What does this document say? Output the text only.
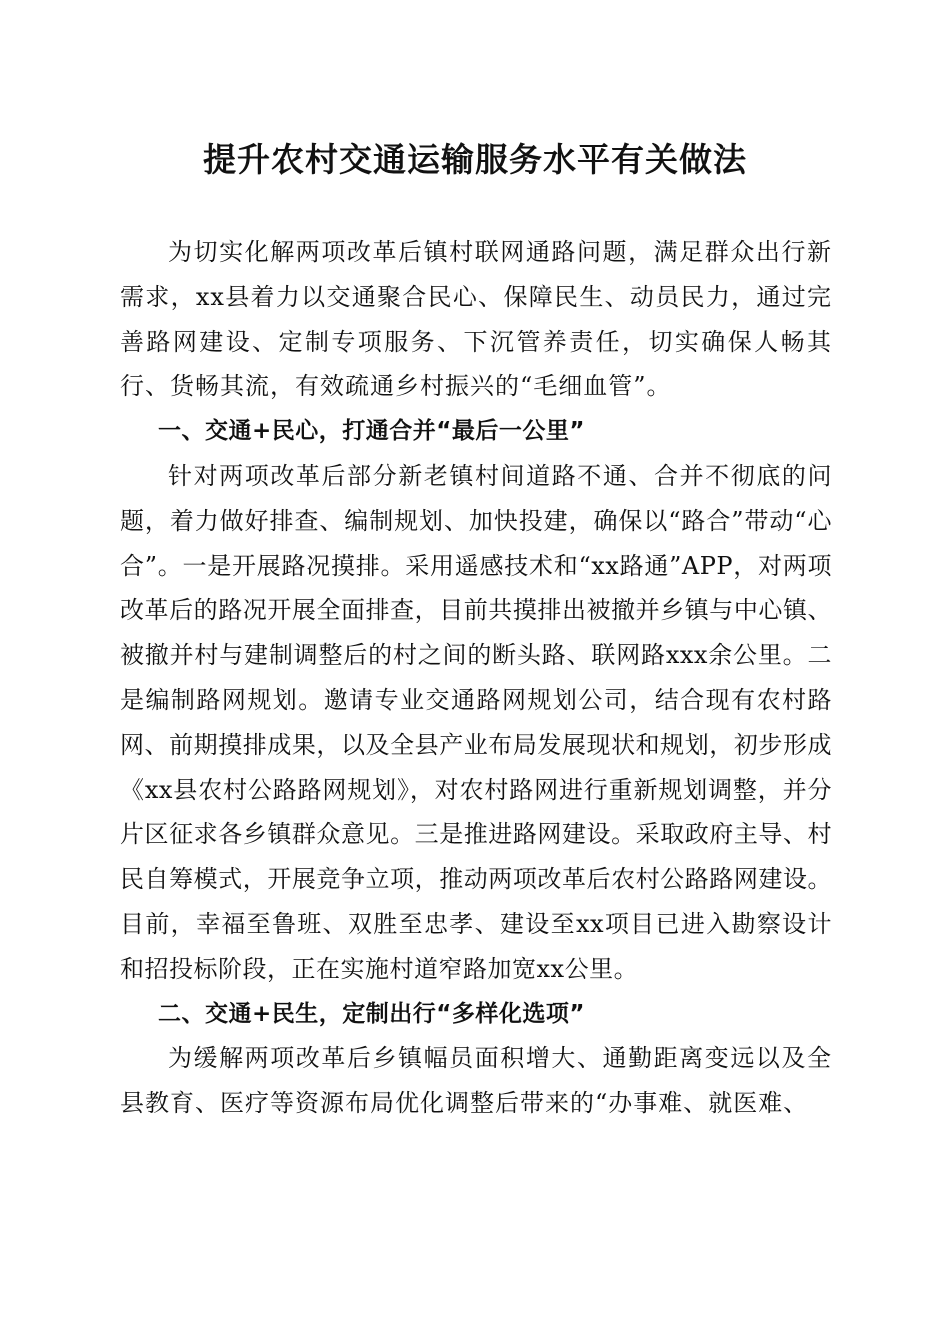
提升农村交通运输服务水平有关做法

为切实化解两项改革后镇村联网通路问题，满足群众出行新需求，xx县着力以交通聚合民心、保障民生、动员民力，通过完善路网建设、定制专项服务、下沉管养责任，切实确保人畅其行、货畅其流，有效疏通乡村振兴的“毛细血管”。

一、交通+民心，打通合并“最后一公里”

针对两项改革后部分新老镇村间道路不通、合并不彻底的问题，着力做好排查、编制规划、加快投建，确保以“路合”带动“心合”。一是开展路况摸排。采用遥感技术和“xx路通”APP，对两项改革后的路况开展全面排查，目前共摸排出被撤并乡镇与中心镇、被撤并村与建制调整后的村之间的断头路、联网路xxx余公里。二是编制路网规划。邀请专业交通路网规划公司，结合现有农村路网、前期摸排成果，以及全县产业布局发展现状和规划，初步形成《xx县农村公路路网规划》，对农村路网进行重新规划调整，并分片区征求各乡镇群众意见。三是推进路网建设。采取政府主导、村民自筹模式，开展竞争立项，推动两项改革后农村公路路网建设。目前，幸福至鲁班、双胜至忠孝、建设至xx项目已进入勘察设计和招投标阶段，正在实施村道窄路加宽xx公里。

二、交通+民生，定制出行“多样化选项”

为缓解两项改革后乡镇幅员面积增大、通勤距离变远以及全县教育、医疗等资源布局优化调整后带来的“办事难、就医难、
